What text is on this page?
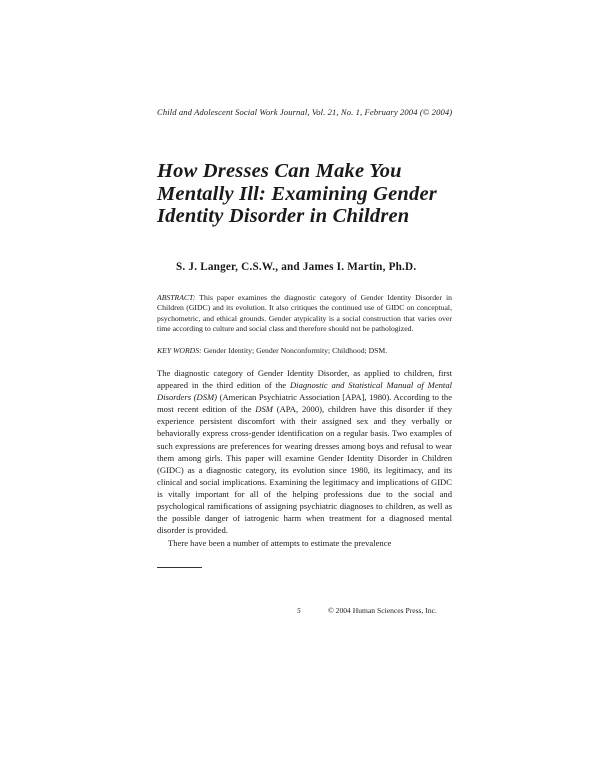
Child and Adolescent Social Work Journal, Vol. 21, No. 1, February 2004 (© 2004)
How Dresses Can Make You
Mentally Ill: Examining Gender
Identity Disorder in Children
S. J. Langer, C.S.W., and James I. Martin, Ph.D.
ABSTRACT: This paper examines the diagnostic category of Gender Identity Disorder in Children (GIDC) and its evolution. It also critiques the continued use of GIDC on conceptual, psychometric, and ethical grounds. Gender atypicality is a social construction that varies over time according to culture and social class and therefore should not be pathologized.
KEY WORDS: Gender Identity; Gender Nonconformity; Childhood; DSM.

The diagnostic category of Gender Identity Disorder, as applied to children, first appeared in the third edition of the Diagnostic and Statistical Manual of Mental Disorders (DSM) (American Psychiatric Association [APA], 1980). According to the most recent edition of the DSM (APA, 2000), children have this disorder if they experience persistent discomfort with their assigned sex and they verbally or behaviorally express cross-gender identification on a regular basis. Two examples of such expressions are preferences for wearing dresses among boys and refusal to wear them among girls. This paper will examine Gender Identity Disorder in Children (GIDC) as a diagnostic category, its evolution since 1980, its legitimacy, and its clinical and social implications. Examining the legitimacy and implications of GIDC is vitally important for all of the helping professions due to the social and psychological ramifications of assigning psychiatric diagnoses to children, as well as the possible danger of iatrogenic harm when treatment for a diagnosed mental disorder is provided.

There have been a number of attempts to estimate the prevalence

5	© 2004 Human Sciences Press, Inc.
